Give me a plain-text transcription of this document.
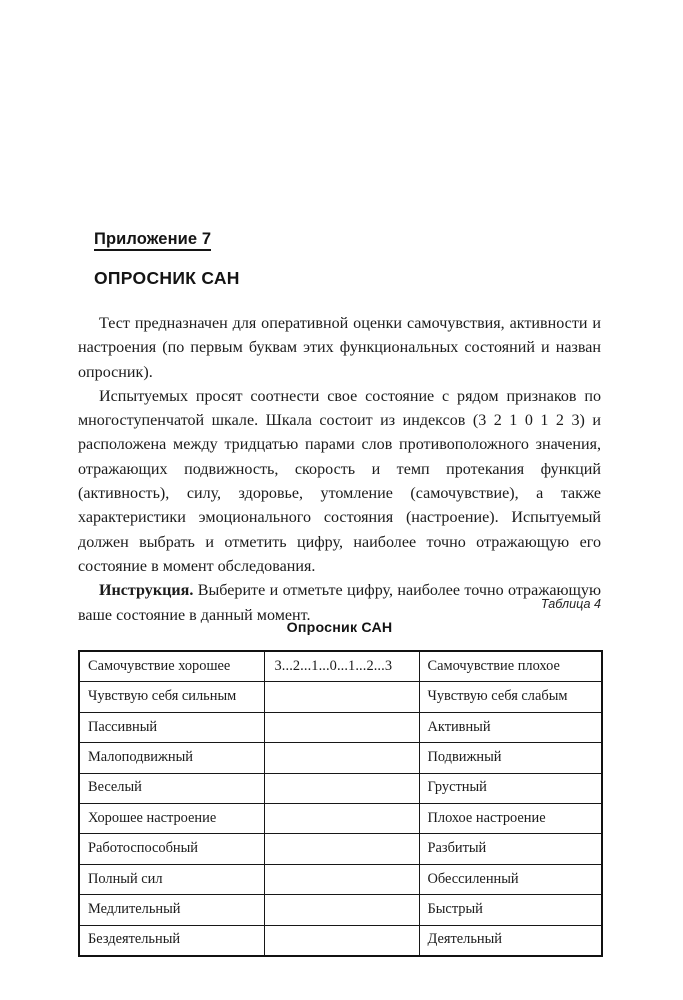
Приложение 7
ОПРОСНИК САН

Тест предназначен для оперативной оценки самочувствия, активности и настроения (по первым буквам этих функциональных состояний и назван опросник).

Испытуемых просят соотнести свое состояние с рядом признаков по многоступенчатой шкале. Шкала состоит из индексов (3 2 1 0 1 2 3) и расположена между тридцатью парами слов противоположного значения, отражающих подвижность, скорость и темп протекания функций (активность), силу, здоровье, утомление (самочувствие), а также характеристики эмоционального состояния (настроение). Испытуемый должен выбрать и отметить цифру, наиболее точно отражающую его состояние в момент обследования.

Инструкция. Выберите и отметьте цифру, наиболее точно отражающую ваше состояние в данный момент.

Таблица 4
Опросник САН
Самочувствие хорошее	3...2...1...0...1...2...3	Самочувствие плохое
Чувствую себя сильным		Чувствую себя слабым
Пассивный		Активный
Малоподвижный		Подвижный
Веселый		Грустный
Хорошее настроение		Плохое настроение
Работоспособный		Разбитый
Полный сил		Обессиленный
Медлительный		Быстрый
Бездеятельный		Деятельный
